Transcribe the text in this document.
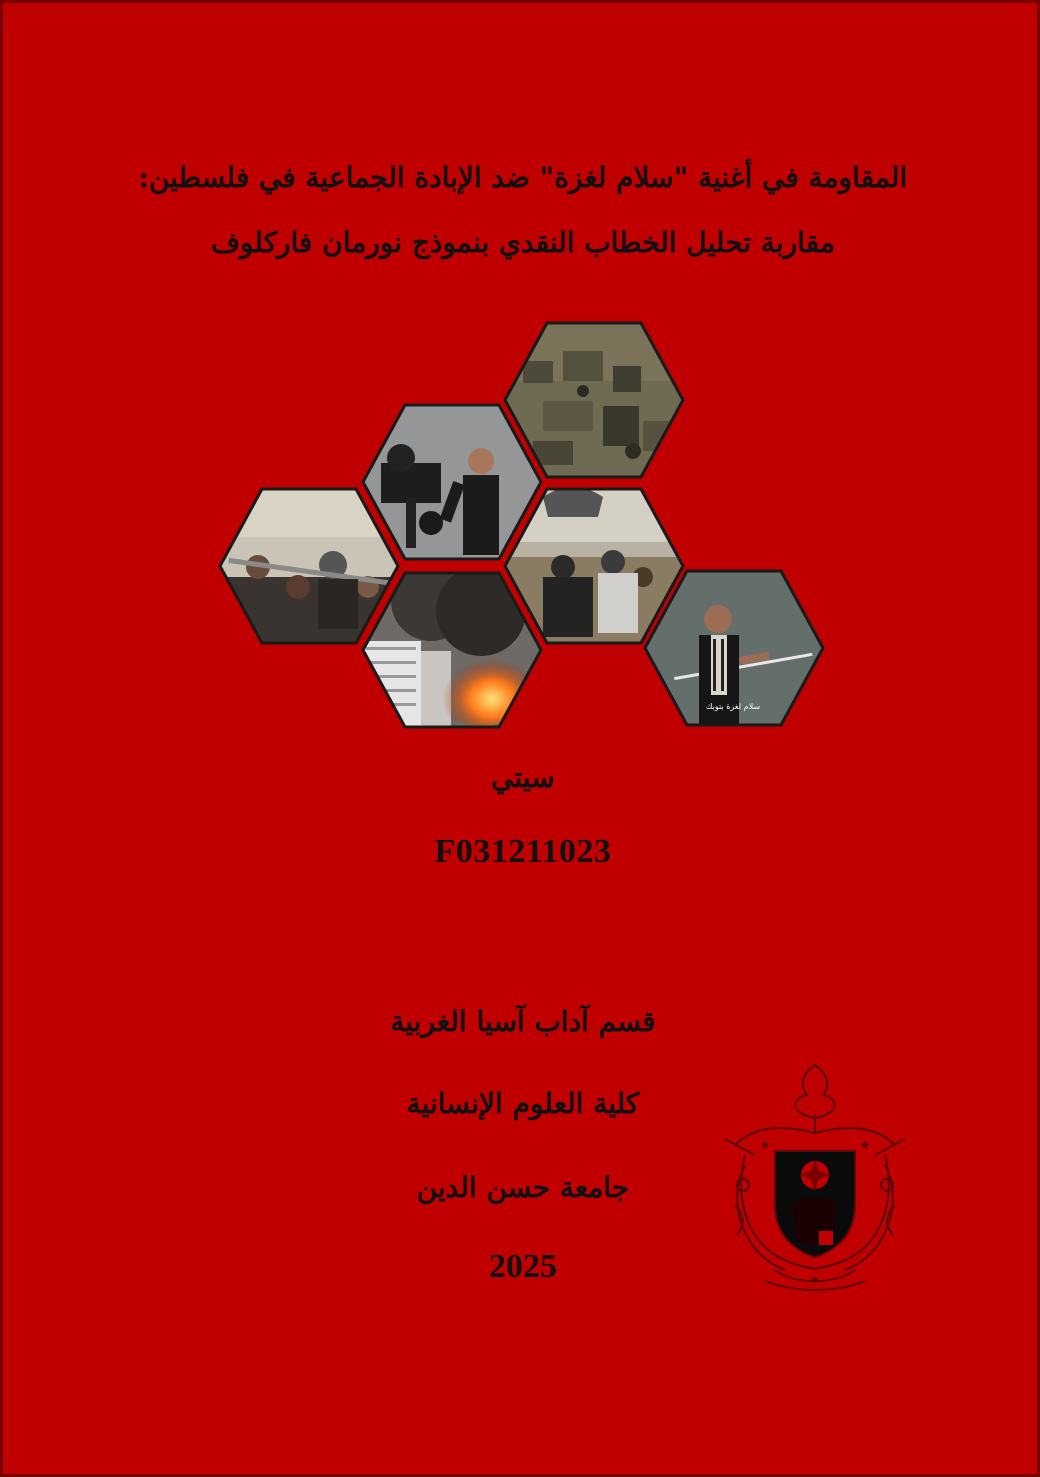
المقاومة في أغنية "سلام لغزة" ضد الإبادة الجماعية في فلسطين:
مقاربة تحليل الخطاب النقدي بنموذج نورمان فاركلوف
سلام لغزة بتوبك
سيتي
F031211023
قسم آداب آسيا الغربية
كلية العلوم الإنسانية
جامعة حسن الدين
2025
